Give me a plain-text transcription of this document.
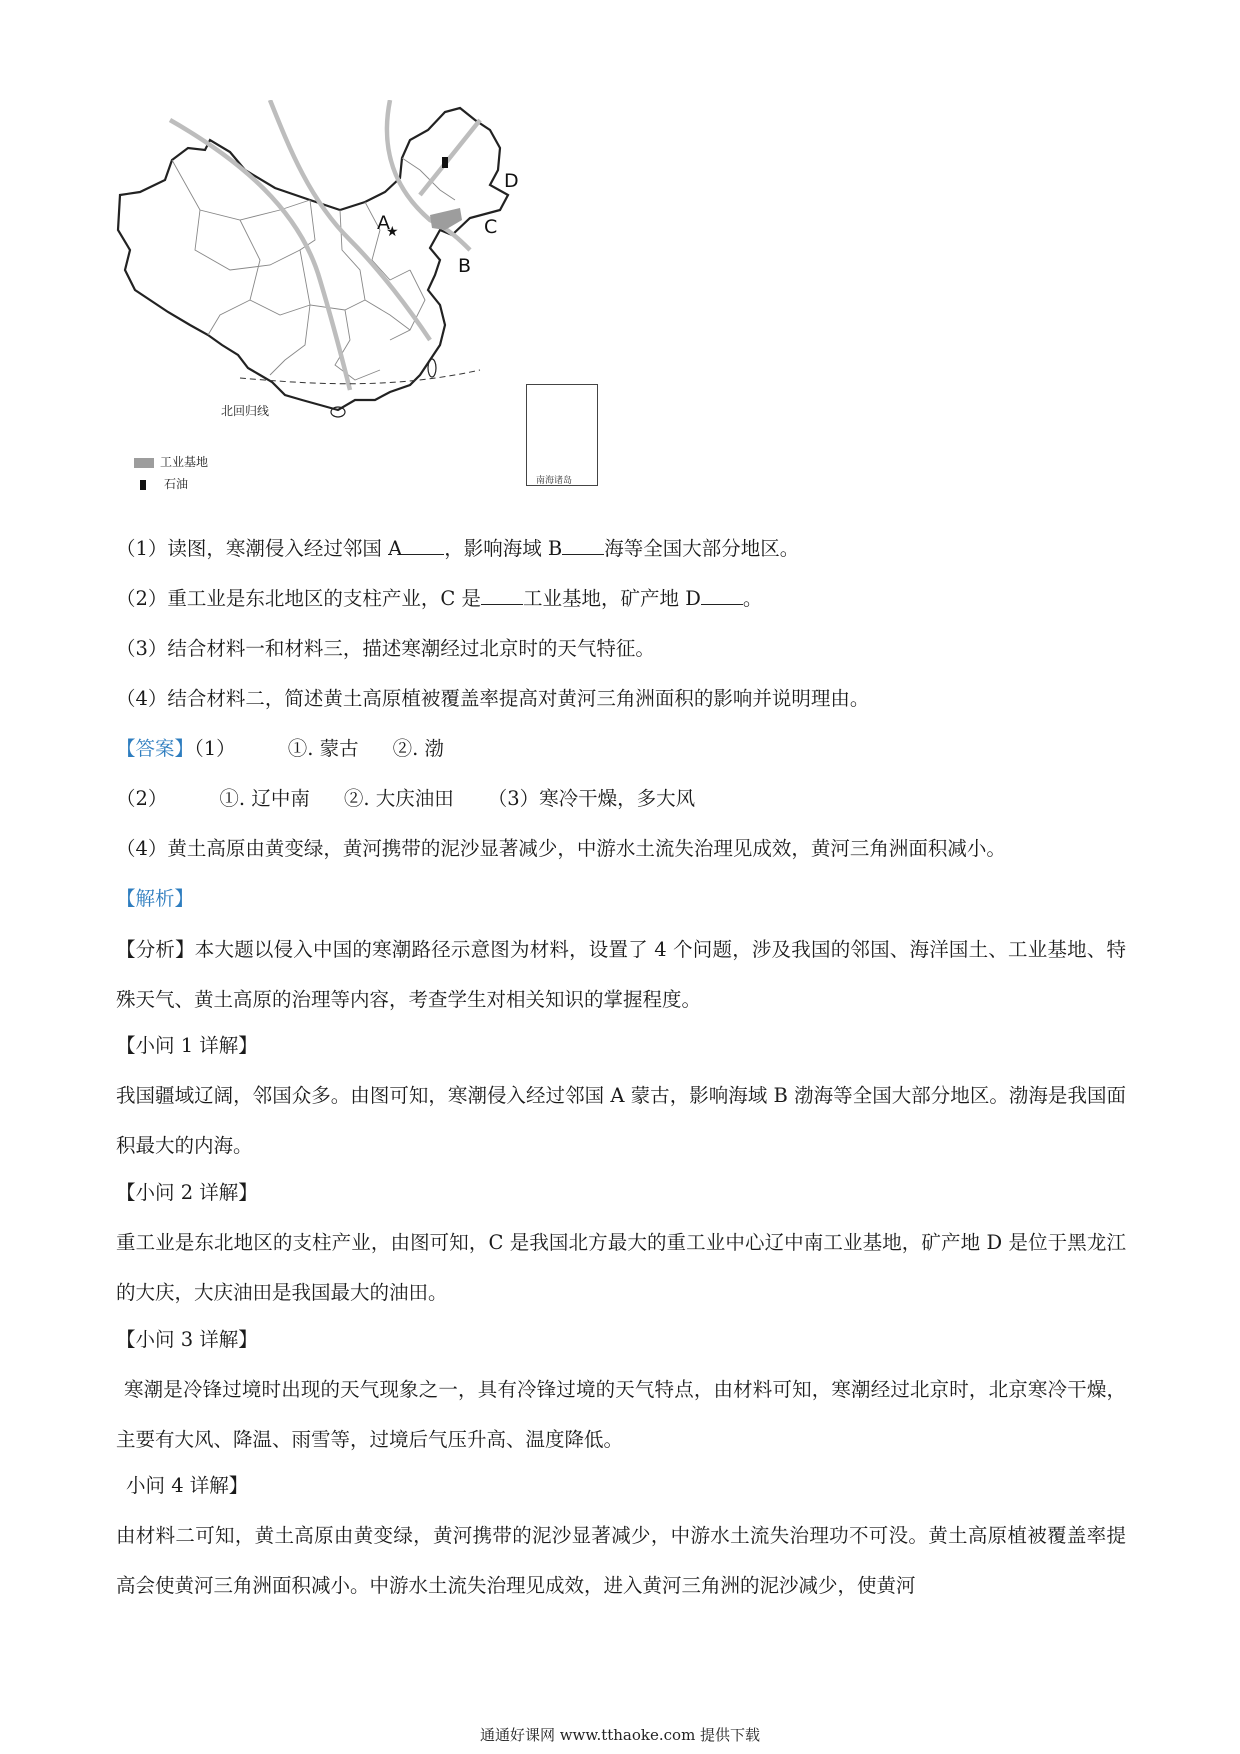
★
南海诸岛
A
B
C
D
北回归线
工业基地
石油
（1）读图，寒潮侵入经过邻国 A ，影响海域 B 海等全国大部分地区。
（2）重工业是东北地区的支柱产业，C 是 工业基地，矿产地 D 。
（3）结合材料一和材料三，描述寒潮经过北京时的天气特征。
（4）结合材料二，简述黄土高原植被覆盖率提高对黄河三角洲面积的影响并说明理由。
【答案】（1）	①. 蒙古 ②. 渤
（2）	①. 辽中南 ②. 大庆油田 （3）寒冷干燥，多大风
（4）黄土高原由黄变绿，黄河携带的泥沙显著减少，中游水土流失治理见成效，黄河三角洲面积减小。
【解析】
【分析】本大题以侵入中国的寒潮路径示意图为材料，设置了 4 个问题，涉及我国的邻国、海洋国土、工业基地、特殊天气、黄土高原的治理等内容，考查学生对相关知识的掌握程度。
【小问 1 详解】
我国疆域辽阔，邻国众多。由图可知，寒潮侵入经过邻国 A 蒙古，影响海域 B 渤海等全国大部分地区。渤海是我国面积最大的内海。
【小问 2 详解】
重工业是东北地区的支柱产业，由图可知，C 是我国北方最大的重工业中心辽中南工业基地，矿产地 D 是位于黑龙江的大庆，大庆油田是我国最大的油田。
【小问 3 详解】
寒潮是冷锋过境时出现的天气现象之一，具有冷锋过境的天气特点，由材料可知，寒潮经过北京时，北京寒冷干燥，主要有大风、降温、雨雪等，过境后气压升高、温度降低。
小问 4 详解】
由材料二可知，黄土高原由黄变绿，黄河携带的泥沙显著减少，中游水土流失治理功不可没。黄土高原植被覆盖率提高会使黄河三角洲面积减小。中游水土流失治理见成效，进入黄河三角洲的泥沙减少，使黄河
通通好课网 www.tthaoke.com 提供下载
